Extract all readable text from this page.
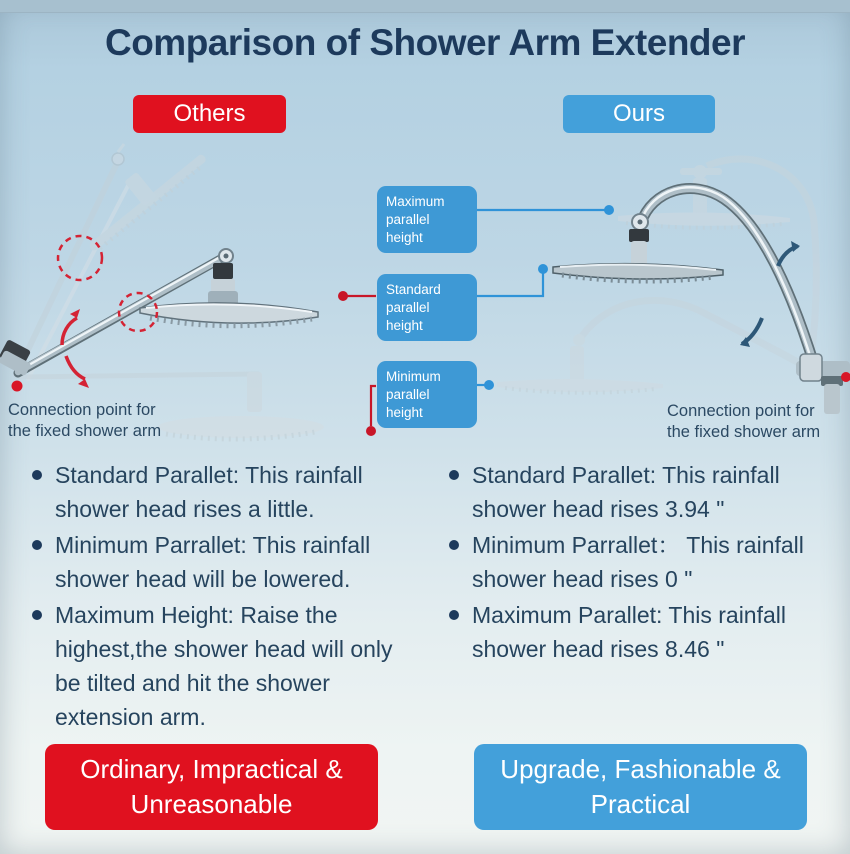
Comparison of Shower Arm Extender
Others	Ours
Maximum parallel height
Standard parallel height
Minimum parallel height
Connection point for
the fixed shower arm
Connection point for
the fixed shower arm
Standard Parallet: This rainfall shower head rises a little.
Minimum Parrallet: This rainfall shower head will be lowered.
Maximum Height: Raise the highest,the shower head will only be tilted and hit the shower extension arm.
Standard Parallet: This rainfall shower head rises 3.94 "
Minimum Parrallet： This rainfall shower head rises 0 "
Maximum Parallet: This rainfall shower head rises 8.46 "
Ordinary, Impractical & Unreasonable
Upgrade, Fashionable & Practical
